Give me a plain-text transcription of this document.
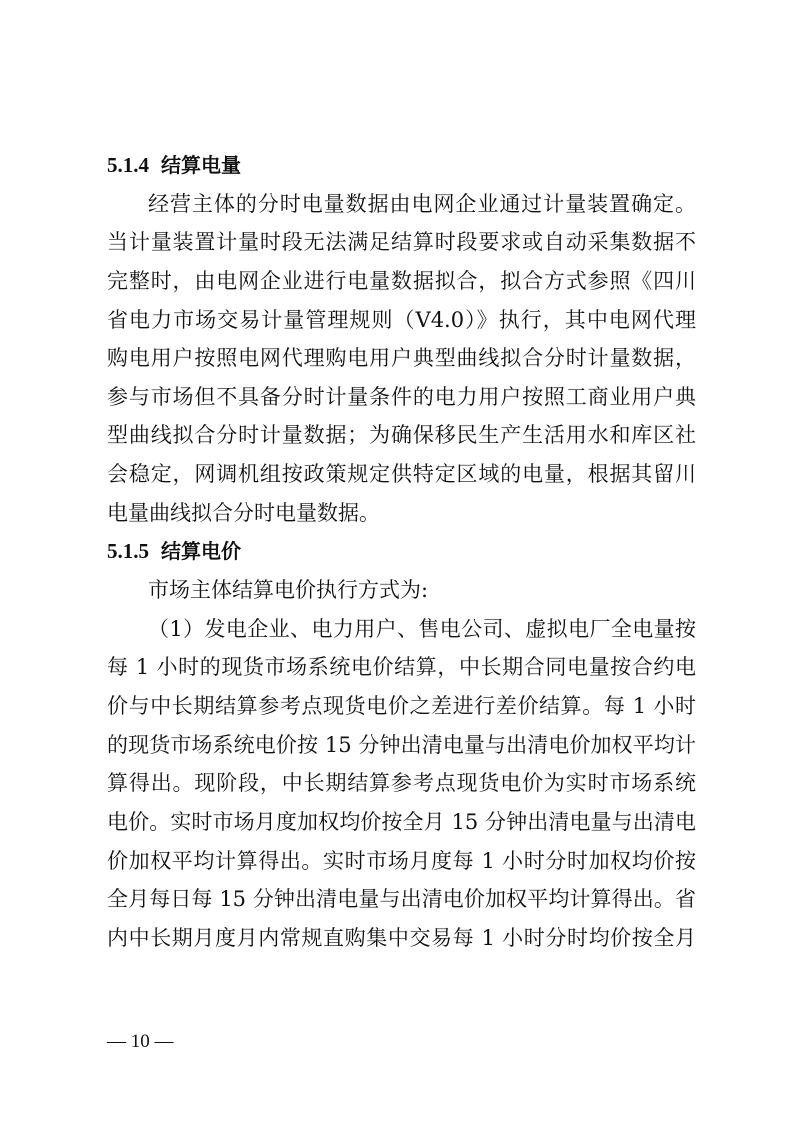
5.1.4 结算电量
经营主体的分时电量数据由电网企业通过计量装置确定。
当计量装置计量时段无法满足结算时段要求或自动采集数据不
完整时，由电网企业进行电量数据拟合，拟合方式参照《四川
省电力市场交易计量管理规则（V4.0）》执行，其中电网代理
购电用户按照电网代理购电用户典型曲线拟合分时计量数据，
参与市场但不具备分时计量条件的电力用户按照工商业用户典
型曲线拟合分时计量数据；为确保移民生产生活用水和库区社
会稳定，网调机组按政策规定供特定区域的电量，根据其留川
电量曲线拟合分时电量数据。
5.1.5 结算电价
市场主体结算电价执行方式为:
（1）发电企业、电力用户、售电公司、虚拟电厂全电量按
每 1 小时的现货市场系统电价结算，中长期合同电量按合约电
价与中长期结算参考点现货电价之差进行差价结算。每 1 小时
的现货市场系统电价按 15 分钟出清电量与出清电价加权平均计
算得出。现阶段，中长期结算参考点现货电价为实时市场系统
电价。实时市场月度加权均价按全月 15 分钟出清电量与出清电
价加权平均计算得出。实时市场月度每 1 小时分时加权均价按
全月每日每 15 分钟出清电量与出清电价加权平均计算得出。省
内中长期月度月内常规直购集中交易每 1 小时分时均价按全月
— 10 —
